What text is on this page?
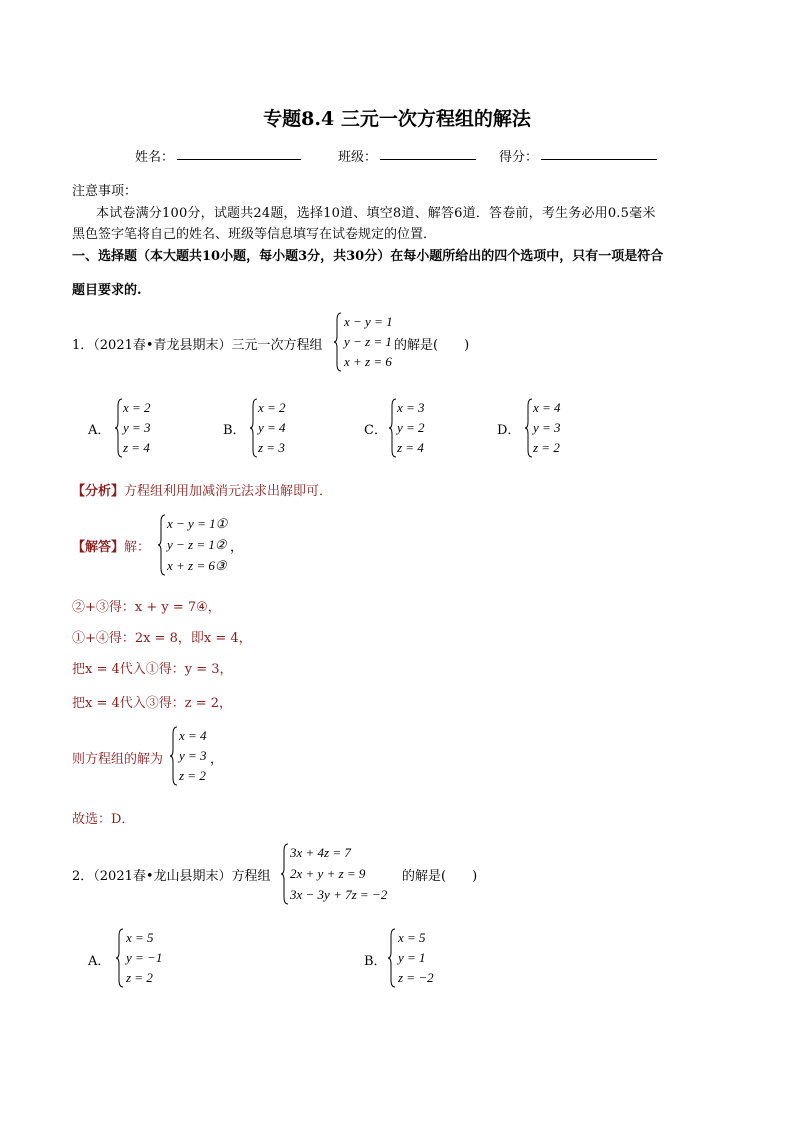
专题8.4 三元一次方程组的解法
姓名：	班级：	得分：
注意事项：
本试卷满分100分，试题共24题，选择10道、填空8道、解答6道．答卷前，考生务必用0.5毫米
黑色签字笔将自己的姓名、班级等信息填写在试卷规定的位置．
一、选择题（本大题共10小题，每小题3分，共30分）在每小题所给出的四个选项中，只有一项是符合
题目要求的.
1．（2021春•青龙县期末）三元一次方程组
x − y = 1
y − z = 1
x + z = 6
的解是(　　)
A．
x = 2
y = 3
z = 4
B．
x = 2
y = 4
z = 3
C．
x = 3
y = 2
z = 4
D．
x = 4
y = 3
z = 2
【分析】方程组利用加减消元法求出解即可．
【解答】解：
x − y = 1①
y − z = 1②
x + z = 6③
，
②+③得：x + y = 7④，
①+④得：2x = 8，即x = 4，
把x = 4代入①得：y = 3，
把x = 4代入③得：z = 2，
则方程组的解为
x = 4
y = 3
z = 2
，
故选：D．
2．（2021春•龙山县期末）方程组
3x + 4z = 7
2x + y + z = 9
3x − 3y + 7z = −2
的解是(　　)
A．
x = 5
y = −1
z = 2
B．
x = 5
y = 1
z = −2
